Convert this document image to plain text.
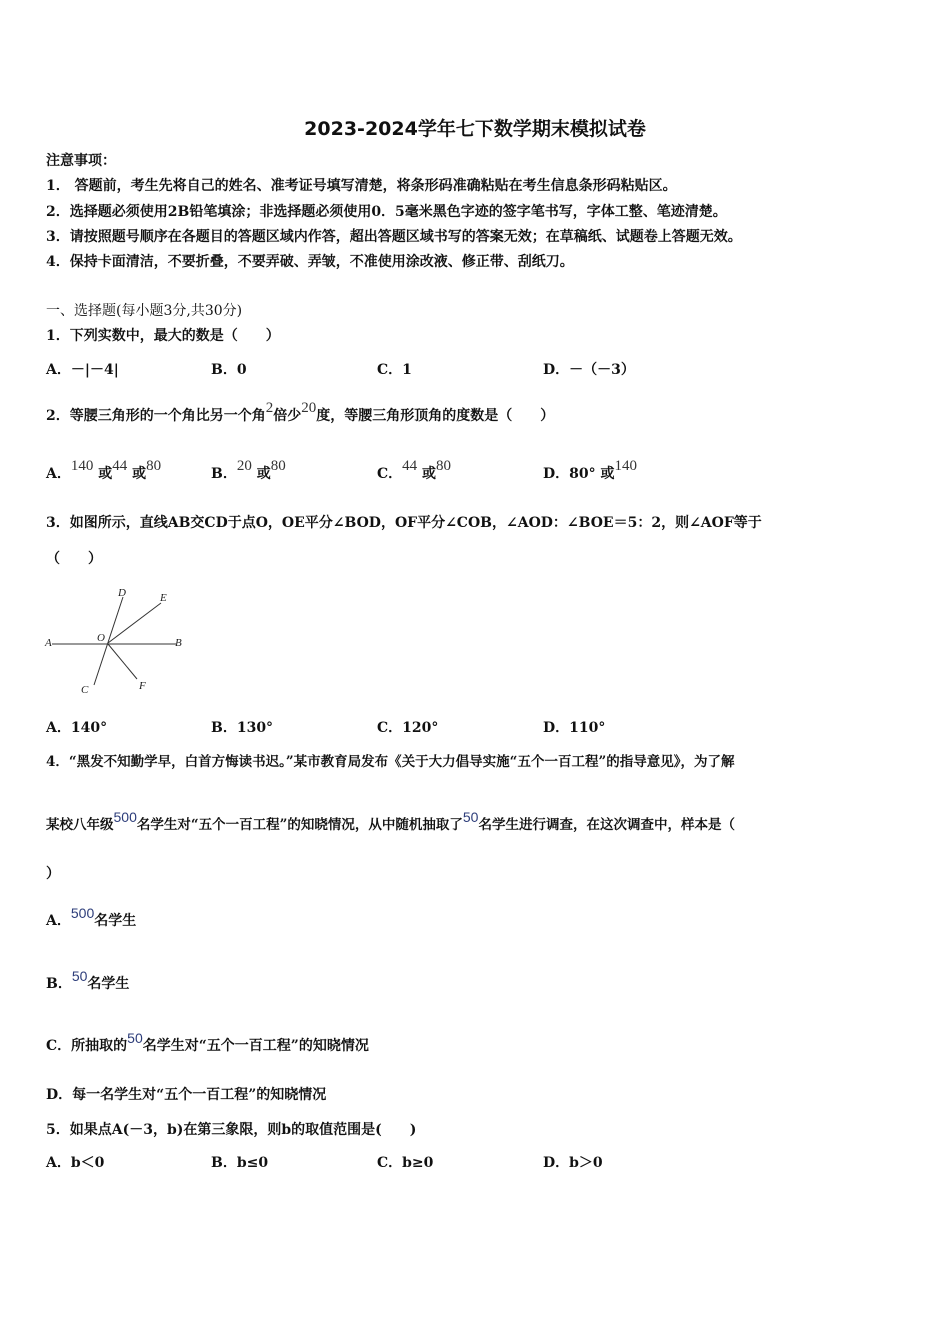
2023-2024学年七下数学期末模拟试卷
注意事项：
1． 答题前，考生先将自己的姓名、准考证号填写清楚，将条形码准确粘贴在考生信息条形码粘贴区。
2．选择题必须使用2B铅笔填涂；非选择题必须使用0．5毫米黑色字迹的签字笔书写，字体工整、笔迹清楚。
3．请按照题号顺序在各题目的答题区域内作答，超出答题区域书写的答案无效；在草稿纸、试题卷上答题无效。
4．保持卡面清洁，不要折叠，不要弄破、弄皱，不准使用涂改液、修正带、刮纸刀。
一、选择题(每小题3分,共30分)
1．下列实数中，最大的数是（　　）
A．－|－4|	B．0	C．1	D．－（－3）
2．等腰三角形的一个角比另一个角2倍少20度，等腰三角形顶角的度数是（　　）
A．140 或44 或80	B．20 或80	C．44 或80	D．80° 或140
3．如图所示，直线AB交CD于点O，OE平分∠BOD，OF平分∠COB，∠AOD：∠BOE＝5：2，则∠AOF等于
（　　）
A	B
C
D	E
F
O
A．140°	B．130°	C．120°	D．110°
4．“黑发不知勤学早，白首方悔读书迟。”某市教育局发布《关于大力倡导实施“五个一百工程”的指导意见》，为了解
某校八年级500名学生对“五个一百工程”的知晓情况，从中随机抽取了50名学生进行调查，在这次调查中，样本是（
）
A．500名学生
B．50名学生
C．所抽取的50名学生对“五个一百工程”的知晓情况
D．每一名学生对“五个一百工程”的知晓情况
5．如果点A(－3，b)在第三象限，则b的取值范围是(　　)
A．b＜0	B．b≤0	C．b≥0	D．b＞0
